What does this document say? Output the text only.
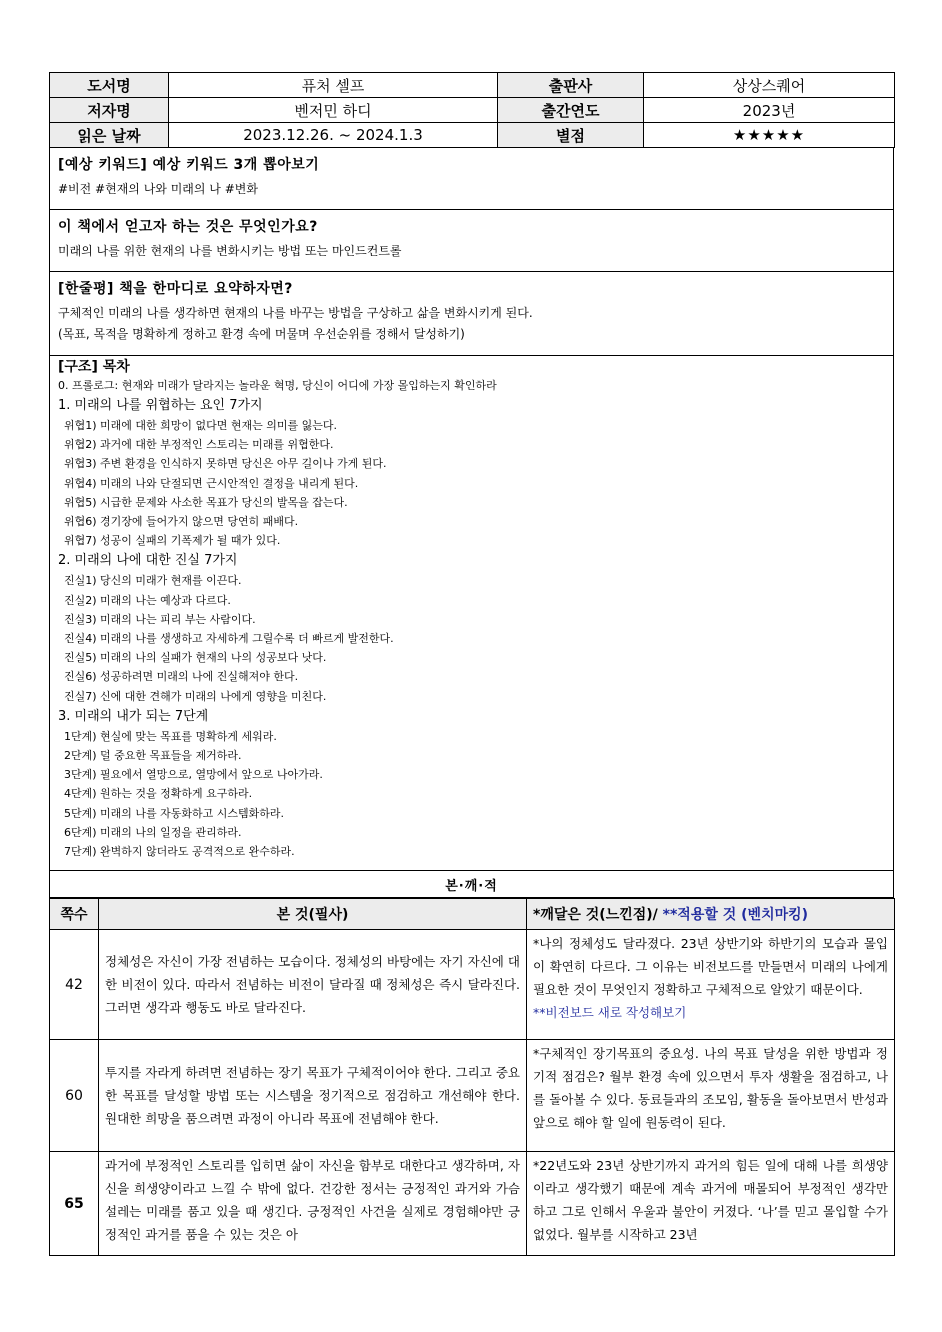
도서명	퓨처 셀프	출판사	상상스퀘어
저자명	벤저민 하디	출간연도	2023년
읽은 날짜	2023.12.26. ~ 2024.1.3	별점	★★★★★
[예상 키워드] 예상 키워드 3개 뽑아보기
#비전 #현재의 나와 미래의 나 #변화

이 책에서 얻고자 하는 것은 무엇인가요?
미래의 나를 위한 현재의 나를 변화시키는 방법 또는 마인드컨트롤

[한줄평] 책을 한마디로 요약하자면?
구체적인 미래의 나를 생각하면 현재의 나를 바꾸는 방법을 구상하고 삶을 변화시키게 된다.
(목표, 목적을 명확하게 정하고 환경 속에 머물며 우선순위를 정해서 달성하기)

[구조] 목차
0. 프롤로그: 현재와 미래가 달라지는 놀라운 혁명, 당신이 어디에 가장 몰입하는지 확인하라
1. 미래의 나를 위협하는 요인 7가지
위협1) 미래에 대한 희망이 없다면 현재는 의미를 잃는다.
위협2) 과거에 대한 부정적인 스토리는 미래를 위협한다.
위협3) 주변 환경을 인식하지 못하면 당신은 아무 길이나 가게 된다.
위협4) 미래의 나와 단절되면 근시안적인 결정을 내리게 된다.
위협5) 시급한 문제와 사소한 목표가 당신의 발목을 잡는다.
위협6) 경기장에 들어가지 않으면 당연히 패배다.
위협7) 성공이 실패의 기폭제가 될 때가 있다.
2. 미래의 나에 대한 진실 7가지
진실1) 당신의 미래가 현재를 이끈다.
진실2) 미래의 나는 예상과 다르다.
진실3) 미래의 나는 피리 부는 사람이다.
진실4) 미래의 나를 생생하고 자세하게 그릴수록 더 빠르게 발전한다.
진실5) 미래의 나의 실패가 현재의 나의 성공보다 낫다.
진실6) 성공하려면 미래의 나에 진실해져야 한다.
진실7) 신에 대한 견해가 미래의 나에게 영향을 미친다.
3. 미래의 내가 되는 7단계
1단계) 현실에 맞는 목표를 명확하게 세워라.
2단계) 덜 중요한 목표들을 제거하라.
3단계) 필요에서 열망으로, 열망에서 앞으로 나아가라.
4단계) 원하는 것을 정확하게 요구하라.
5단계) 미래의 나를 자동화하고 시스템화하라.
6단계) 미래의 나의 일정을 관리하라.
7단계) 완벽하지 않더라도 공격적으로 완수하라.

본·깨·적
쪽수	본 것(필사)	*깨달은 것(느낀점)/ **적용할 것 (벤치마킹)
42	정체성은 자신이 가장 전념하는 모습이다. 정체성의 바탕에는 자기 자신에 대한 비전이 있다. 따라서 전념하는 비전이 달라질 때 정체성은 즉시 달라진다. 그러면 생각과 행동도 바로 달라진다.	*나의 정체성도 달라졌다. 23년 상반기와 하반기의 모습과 몰입이 확연히 다르다. 그 이유는 비전보드를 만들면서 미래의 나에게 필요한 것이 무엇인지 정확하고 구체적으로 알았기 때문이다.
**비전보드 새로 작성해보기

60	투지를 자라게 하려면 전념하는 장기 목표가 구체적이어야 한다. 그리고 중요한 목표를 달성할 방법 또는 시스템을 정기적으로 점검하고 개선해야 한다. 원대한 희망을 품으려면 과정이 아니라 목표에 전념해야 한다.	*구체적인 장기목표의 중요성. 나의 목표 달성을 위한 방법과 정기적 점검은? 월부 환경 속에 있으면서 투자 생활을 점검하고, 나를 돌아볼 수 있다. 동료들과의 조모임, 활동을 돌아보면서 반성과 앞으로 해야 할 일에 원동력이 된다.
65	과거에 부정적인 스토리를 입히면 삶이 자신을 함부로 대한다고 생각하며, 자신을 희생양이라고 느낄 수 밖에 없다. 건강한 정서는 긍정적인 과거와 가슴 설레는 미래를 품고 있을 때 생긴다. 긍정적인 사건을 실제로 경험해야만 긍정적인 과거를 품을 수 있는 것은 아	*22년도와 23년 상반기까지 과거의 힘든 일에 대해 나를 희생양이라고 생각했기 때문에 계속 과거에 매몰되어 부정적인 생각만 하고 그로 인해서 우울과 불안이 커졌다. ‘나’를 믿고 몰입할 수가 없었다. 월부를 시작하고 23년
